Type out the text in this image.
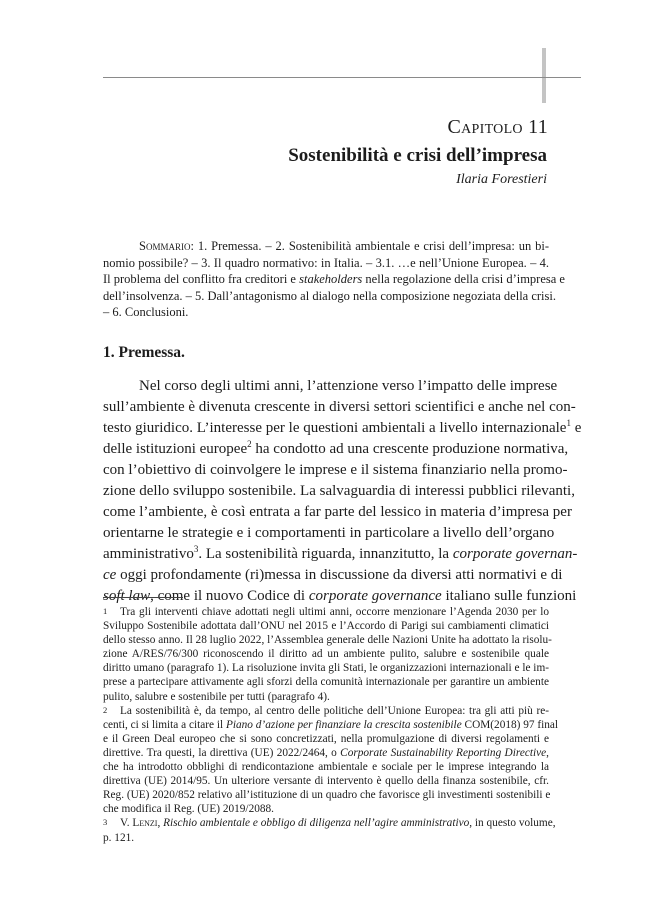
Capitolo 11
Sostenibilità e crisi dell’impresa
Ilaria Forestieri
Sommario: 1. Premessa. – 2. Sostenibilità ambientale e crisi dell’impresa: un bi-
nomio possibile? – 3. Il quadro normativo: in Italia. – 3.1. …e nell’Unione Europea. – 4.
Il problema del conflitto fra creditori e stakeholders nella regolazione della crisi d’impresa e
dell’insolvenza. – 5. Dall’antagonismo al dialogo nella composizione negoziata della crisi.
– 6. Conclusioni.
1. Premessa.
Nel corso degli ultimi anni, l’attenzione verso l’impatto delle imprese
sull’ambiente è divenuta crescente in diversi settori scientifici e anche nel con-
testo giuridico. L’interesse per le questioni ambientali a livello internazionale$^1$ e
delle istituzioni europee$^2$ ha condotto ad una crescente produzione normativa,
con l’obiettivo di coinvolgere le imprese e il sistema finanziario nella promo-
zione dello sviluppo sostenibile. La salvaguardia di interessi pubblici rilevanti,
come l’ambiente, è così entrata a far parte del lessico in materia d’impresa per
orientarne le strategie e i comportamenti in particolare a livello dell’organo
amministrativo$^3$. La sostenibilità riguarda, innanzitutto, la corporate governan-
ce oggi profondamente (ri)messa in discussione da diversi atti normativi e di
soft law, come il nuovo Codice di corporate governance italiano sulle funzioni
1 Tra gli interventi chiave adottati negli ultimi anni, occorre menzionare l’Agenda 2030 per lo
Sviluppo Sostenibile adottata dall’ONU nel 2015 e l’Accordo di Parigi sui cambiamenti climatici
dello stesso anno. Il 28 luglio 2022, l’Assemblea generale delle Nazioni Unite ha adottato la risolu-
zione A/RES/76/300 riconoscendo il diritto ad un ambiente pulito, salubre e sostenibile quale
diritto umano (paragrafo 1). La risoluzione invita gli Stati, le organizzazioni internazionali e le im-
prese a partecipare attivamente agli sforzi della comunità internazionale per garantire un ambiente
pulito, salubre e sostenibile per tutti (paragrafo 4).
2 La sostenibilità è, da tempo, al centro delle politiche dell’Unione Europea: tra gli atti più re-
centi, ci si limita a citare il Piano d’azione per finanziare la crescita sostenibile COM(2018) 97 final
e il Green Deal europeo che si sono concretizzati, nella promulgazione di diversi regolamenti e
direttive. Tra questi, la direttiva (UE) 2022/2464, o Corporate Sustainability Reporting Directive,
che ha introdotto obblighi di rendicontazione ambientale e sociale per le imprese integrando la
direttiva (UE) 2014/95. Un ulteriore versante di intervento è quello della finanza sostenibile, cfr.
Reg. (UE) 2020/852 relativo all’istituzione di un quadro che favorisce gli investimenti sostenibili e
che modifica il Reg. (UE) 2019/2088.
3 V. Lenzi, Rischio ambientale e obbligo di diligenza nell’agire amministrativo, in questo volume,
p. 121.
